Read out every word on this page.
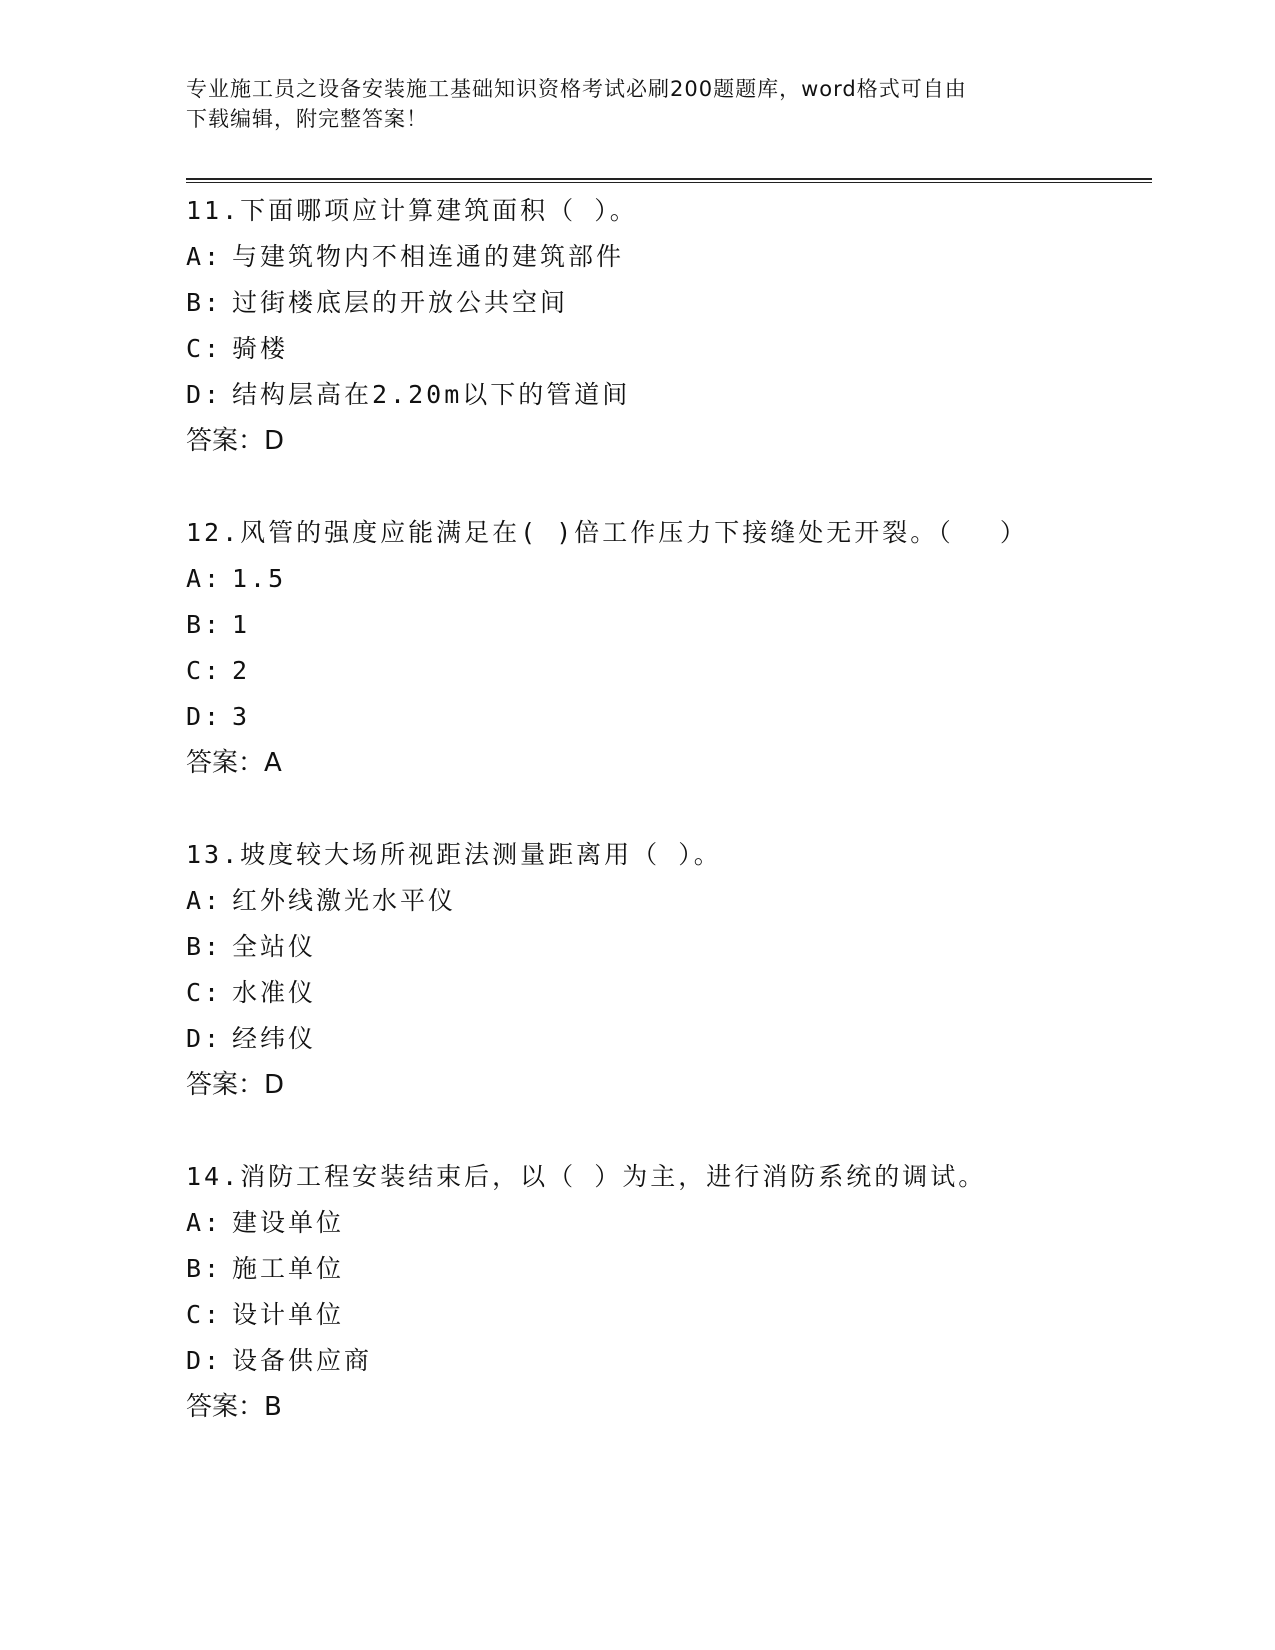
专业施工员之设备安装施工基础知识资格考试必刷200题题库，word格式可自由
下载编辑，附完整答案！
11.下面哪项应计算建筑面积（ ）。
A: 与建筑物内不相连通的建筑部件
B: 过街楼底层的开放公共空间
C: 骑楼
D: 结构层高在2.20m以下的管道间
答案：D
12.风管的强度应能满足在( )倍工作压力下接缝处无开裂。（　 ）
A: 1.5
B: 1
C: 2
D: 3
答案：A
13.坡度较大场所视距法测量距离用（ ）。
A: 红外线激光水平仪
B: 全站仪
C: 水准仪
D: 经纬仪
答案：D
14.消防工程安装结束后，以（ ）为主，进行消防系统的调试。
A: 建设单位
B: 施工单位
C: 设计单位
D: 设备供应商
答案：B
